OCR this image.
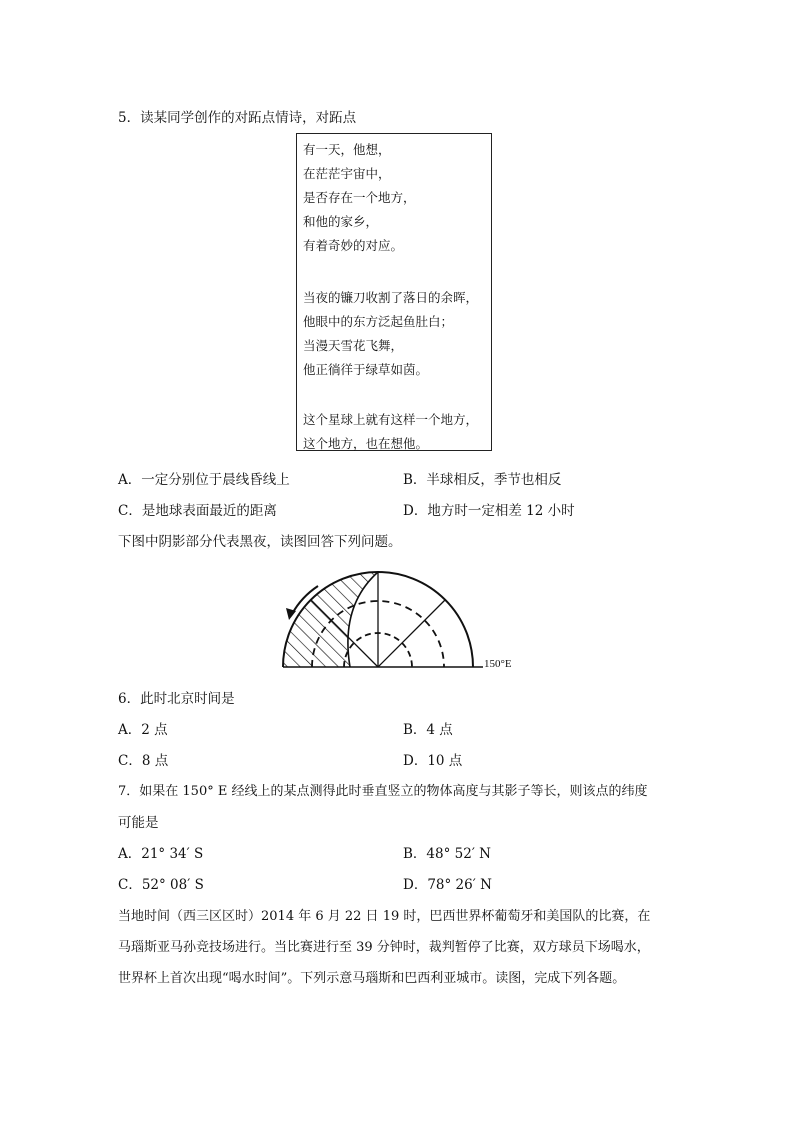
5．读某同学创作的对跖点情诗，对跖点
有一天，他想，
在茫茫宇宙中，
是否存在一个地方，
和他的家乡，
有着奇妙的对应。
当夜的镰刀收割了落日的余晖，
他眼中的东方泛起鱼肚白；
当漫天雪花飞舞，
他正徜徉于绿草如茵。
这个星球上就有这样一个地方，
这个地方，也在想他。
A．一定分别位于晨线昏线上	B．半球相反，季节也相反
C．是地球表面最近的距离	D．地方时一定相差 12 小时
下图中阴影部分代表黑夜，读图回答下列问题。
150°E
6．此时北京时间是
A．2 点	B．4 点
C．8 点	D．10 点
7．如果在 150° E 经线上的某点测得此时垂直竖立的物体高度与其影子等长，则该点的纬度
可能是
A．21° 34′ S	B．48° 52′ N
C．52° 08′ S	D．78° 26′ N
当地时间（西三区区时）2014 年 6 月 22 日 19 时，巴西世界杯葡萄牙和美国队的比赛，在
马瑙斯亚马孙竞技场进行。当比赛进行至 39 分钟时，裁判暂停了比赛，双方球员下场喝水，
世界杯上首次出现“喝水时间”。下列示意马瑙斯和巴西利亚城市。读图，完成下列各题。
